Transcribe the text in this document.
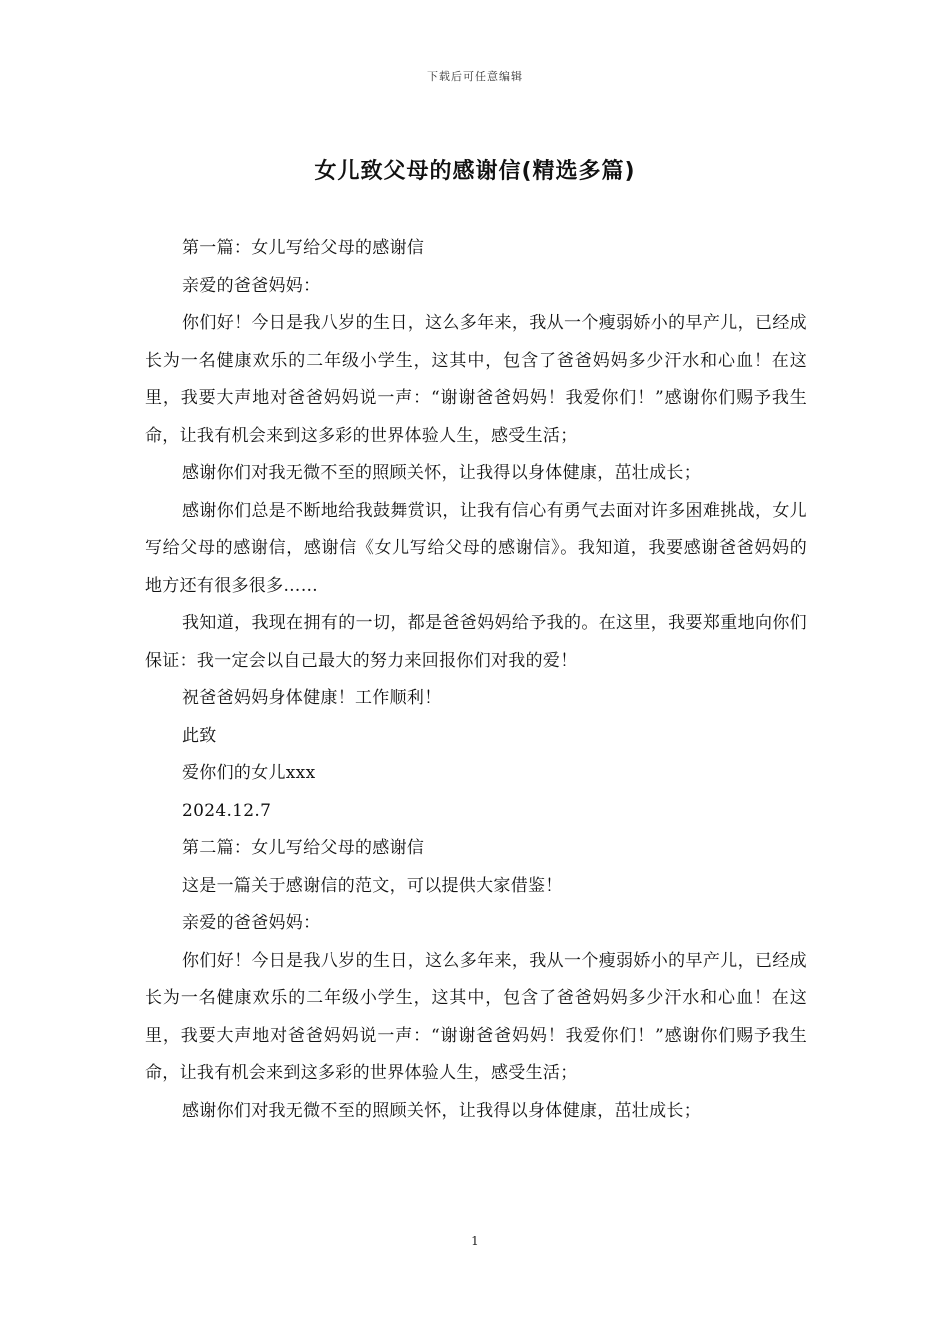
下载后可任意编辑
女儿致父母的感谢信(精选多篇)

第一篇：女儿写给父母的感谢信

亲爱的爸爸妈妈：

你们好！今日是我八岁的生日，这么多年来，我从一个瘦弱娇小的早产儿，已经成长为一名健康欢乐的二年级小学生，这其中，包含了爸爸妈妈多少汗水和心血！在这里，我要大声地对爸爸妈妈说一声：“谢谢爸爸妈妈！我爱你们！”感谢你们赐予我生命，让我有机会来到这多彩的世界体验人生，感受生活；

感谢你们对我无微不至的照顾关怀，让我得以身体健康，茁壮成长；

感谢你们总是不断地给我鼓舞赏识，让我有信心有勇气去面对许多困难挑战，女儿写给父母的感谢信，感谢信《女儿写给父母的感谢信》。我知道，我要感谢爸爸妈妈的地方还有很多很多……

我知道，我现在拥有的一切，都是爸爸妈妈给予我的。在这里，我要郑重地向你们保证：我一定会以自己最大的努力来回报你们对我的爱！

祝爸爸妈妈身体健康！工作顺利！

此致

爱你们的女儿xxx

2024.12.7

第二篇：女儿写给父母的感谢信

这是一篇关于感谢信的范文，可以提供大家借鉴！

亲爱的爸爸妈妈：

你们好！今日是我八岁的生日，这么多年来，我从一个瘦弱娇小的早产儿，已经成长为一名健康欢乐的二年级小学生，这其中，包含了爸爸妈妈多少汗水和心血！在这里，我要大声地对爸爸妈妈说一声：“谢谢爸爸妈妈！我爱你们！”感谢你们赐予我生命，让我有机会来到这多彩的世界体验人生，感受生活；

感谢你们对我无微不至的照顾关怀，让我得以身体健康，茁壮成长；

1
